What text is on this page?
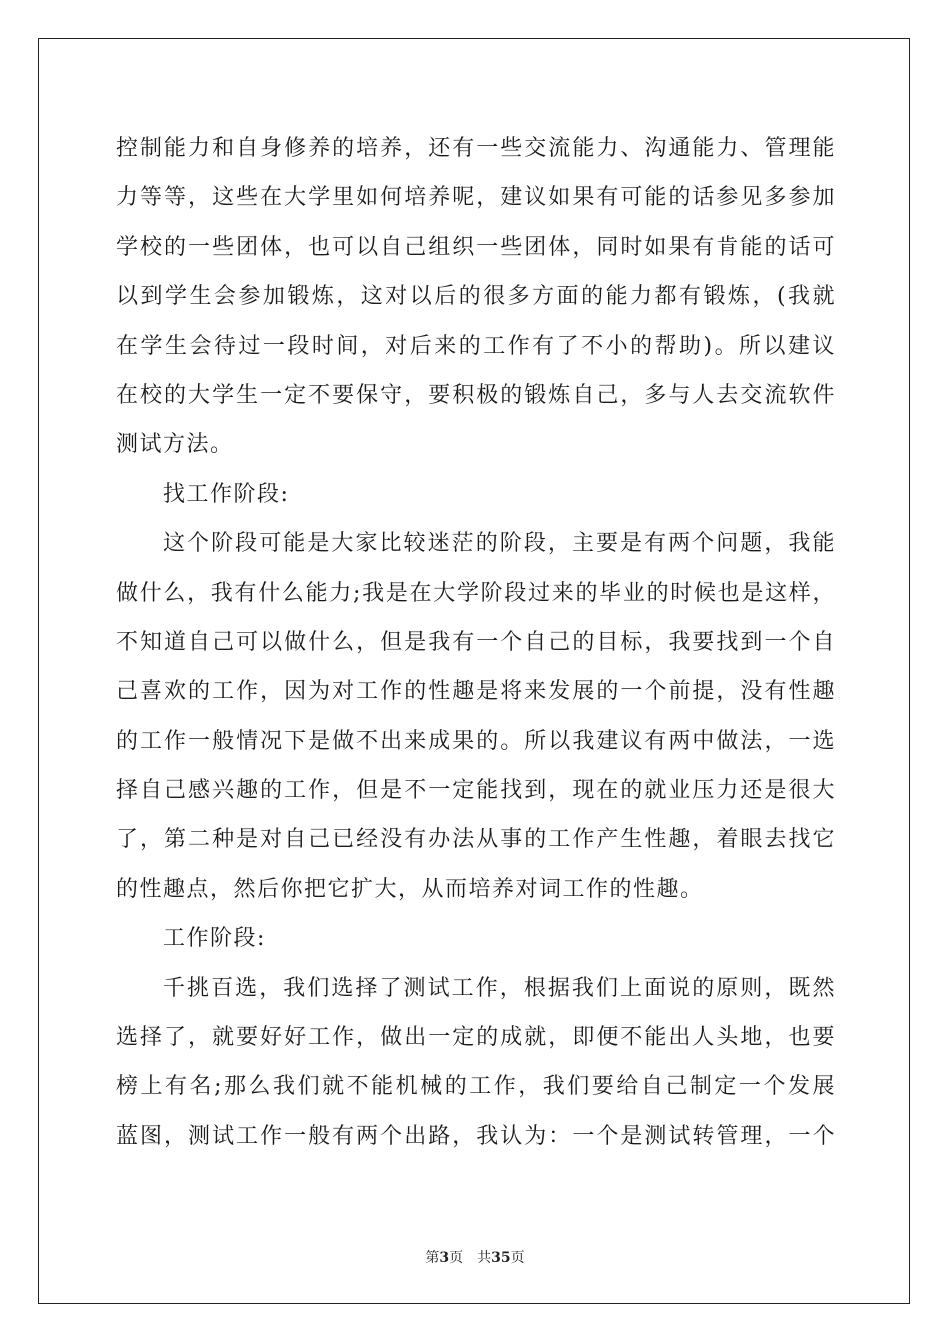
控制能力和自身修养的培养，还有一些交流能力、沟通能力、管理能
力等等，这些在大学里如何培养呢，建议如果有可能的话参见多参加
学校的一些团体，也可以自己组织一些团体，同时如果有肯能的话可
以到学生会参加锻炼，这对以后的很多方面的能力都有锻炼，(我就
在学生会待过一段时间，对后来的工作有了不小的帮助)。所以建议
在校的大学生一定不要保守，要积极的锻炼自己，多与人去交流软件
测试方法。
找工作阶段:
这个阶段可能是大家比较迷茫的阶段，主要是有两个问题，我能
做什么，我有什么能力;我是在大学阶段过来的毕业的时候也是这样，
不知道自己可以做什么，但是我有一个自己的目标，我要找到一个自
己喜欢的工作，因为对工作的性趣是将来发展的一个前提，没有性趣
的工作一般情况下是做不出来成果的。所以我建议有两中做法，一选
择自己感兴趣的工作，但是不一定能找到，现在的就业压力还是很大
了，第二种是对自己已经没有办法从事的工作产生性趣，着眼去找它
的性趣点，然后你把它扩大，从而培养对词工作的性趣。
工作阶段:
千挑百选，我们选择了测试工作，根据我们上面说的原则，既然
选择了，就要好好工作，做出一定的成就，即便不能出人头地，也要
榜上有名;那么我们就不能机械的工作，我们要给自己制定一个发展
蓝图，测试工作一般有两个出路，我认为：一个是测试转管理，一个
第3页 共35页
